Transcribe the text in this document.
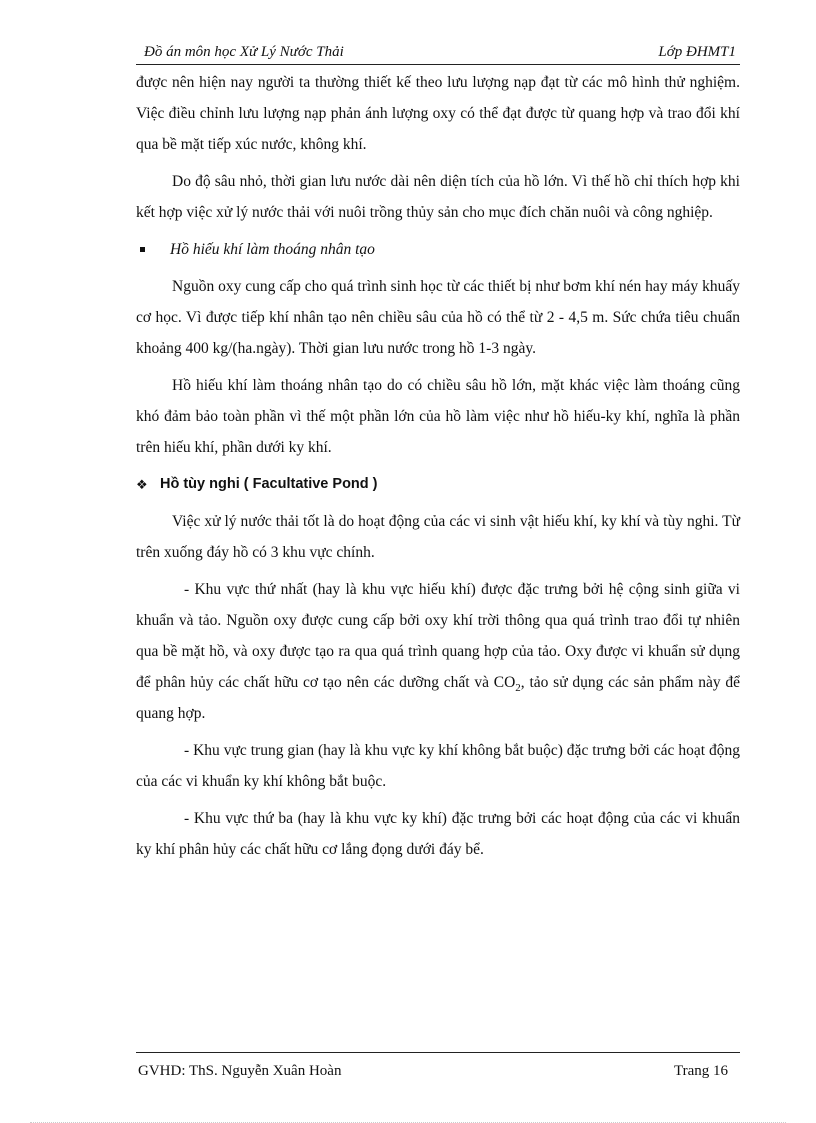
Đồ án môn học Xử Lý Nước Thải	Lớp ĐHMT1

được nên hiện nay người ta thường thiết kế theo lưu lượng nạp đạt từ các mô hình thử nghiệm. Việc điều chỉnh lưu lượng nạp phản ánh lượng oxy có thể đạt được từ quang hợp và trao đổi khí qua bề mặt tiếp xúc nước, không khí.

Do độ sâu nhỏ, thời gian lưu nước dài nên diện tích của hồ lớn. Vì thế hồ chỉ thích hợp khi kết hợp việc xử lý nước thải với nuôi trồng thủy sản cho mục đích chăn nuôi và công nghiệp.

Hồ hiếu khí làm thoáng nhân tạo

Nguồn oxy cung cấp cho quá trình sinh học từ các thiết bị như bơm khí nén hay máy khuấy cơ học. Vì được tiếp khí nhân tạo nên chiều sâu của hồ có thể từ 2 - 4,5 m. Sức chứa tiêu chuẩn khoảng 400 kg/(ha.ngày). Thời gian lưu nước trong hồ 1-3 ngày.

Hồ hiếu khí làm thoáng nhân tạo do có chiều sâu hồ lớn, mặt khác việc làm thoáng cũng khó đảm bảo toàn phần vì thế một phần lớn của hồ làm việc như hồ hiếu-ky khí, nghĩa là phần trên hiếu khí, phần dưới ky khí.

❖ Hồ tùy nghi ( Facultative Pond )

Việc xử lý nước thải tốt là do hoạt động của các vi sinh vật hiếu khí, ky khí và tùy nghi. Từ trên xuống đáy hồ có 3 khu vực chính.

- Khu vực thứ nhất (hay là khu vực hiếu khí) được đặc trưng bởi hệ cộng sinh giữa vi khuẩn và tảo. Nguồn oxy được cung cấp bởi oxy khí trời thông qua quá trình trao đổi tự nhiên qua bề mặt hồ, và oxy được tạo ra qua quá trình quang hợp của tảo. Oxy được vi khuẩn sử dụng để phân hủy các chất hữu cơ tạo nên các dưỡng chất và $CO_2$, tảo sử dụng các sản phẩm này để quang hợp.

- Khu vực trung gian (hay là khu vực ky khí không bắt buộc) đặc trưng bởi các hoạt động của các vi khuẩn ky khí không bắt buộc.

- Khu vực thứ ba (hay là khu vực ky khí) đặc trưng bởi các hoạt động của các vi khuẩn ky khí phân hủy các chất hữu cơ lắng đọng dưới đáy bể.

GVHD: ThS. Nguyễn Xuân Hoàn	Trang 16
